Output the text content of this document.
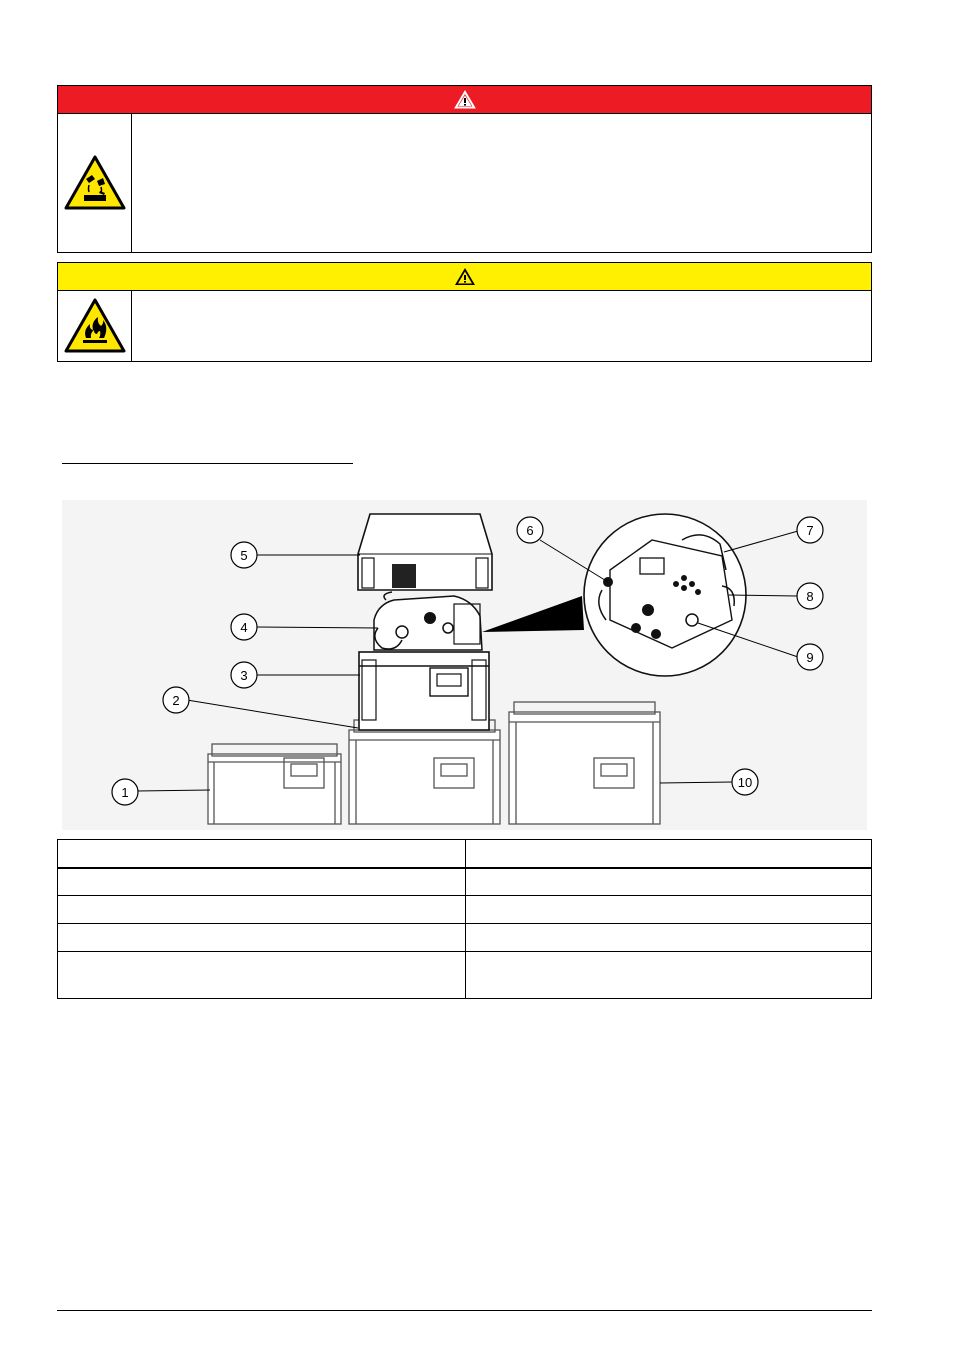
1
2
3
4
5
6	7
8
9
10
